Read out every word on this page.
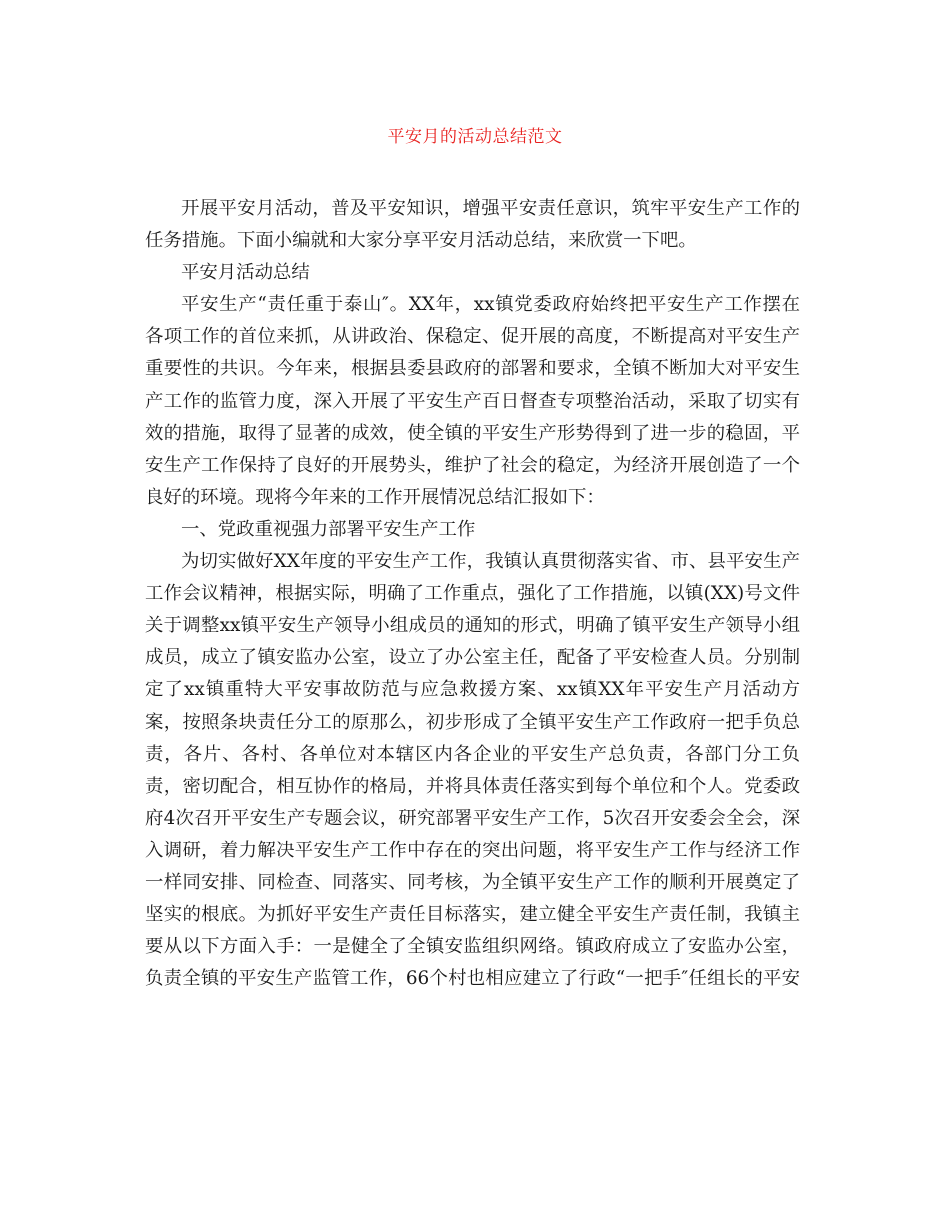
平安月的活动总结范文
开展平安月活动，普及平安知识，增强平安责任意识，筑牢平安生产工作的
任务措施。下面小编就和大家分享平安月活动总结，来欣赏一下吧。
平安月活动总结
平安生产“责任重于泰山″。XX年，xx镇党委政府始终把平安生产工作摆在
各项工作的首位来抓，从讲政治、保稳定、促开展的高度，不断提高对平安生产
重要性的共识。今年来，根据县委县政府的部署和要求，全镇不断加大对平安生
产工作的监管力度，深入开展了平安生产百日督查专项整治活动，采取了切实有
效的措施，取得了显著的成效，使全镇的平安生产形势得到了进一步的稳固，平
安生产工作保持了良好的开展势头，维护了社会的稳定，为经济开展创造了一个
良好的环境。现将今年来的工作开展情况总结汇报如下：
一、党政重视强力部署平安生产工作
为切实做好XX年度的平安生产工作，我镇认真贯彻落实省、市、县平安生产
工作会议精神，根据实际，明确了工作重点，强化了工作措施，以镇(XX)号文件
关于调整xx镇平安生产领导小组成员的通知的形式，明确了镇平安生产领导小组
成员，成立了镇安监办公室，设立了办公室主任，配备了平安检查人员。分别制
定了xx镇重特大平安事故防范与应急救援方案、xx镇XX年平安生产月活动方
案，按照条块责任分工的原那么，初步形成了全镇平安生产工作政府一把手负总
责，各片、各村、各单位对本辖区内各企业的平安生产总负责，各部门分工负
责，密切配合，相互协作的格局，并将具体责任落实到每个单位和个人。党委政
府4次召开平安生产专题会议，研究部署平安生产工作，5次召开安委会全会，深
入调研，着力解决平安生产工作中存在的突出问题，将平安生产工作与经济工作
一样同安排、同检查、同落实、同考核，为全镇平安生产工作的顺利开展奠定了
坚实的根底。为抓好平安生产责任目标落实，建立健全平安生产责任制，我镇主
要从以下方面入手：一是健全了全镇安监组织网络。镇政府成立了安监办公室，
负责全镇的平安生产监管工作，66个村也相应建立了行政“一把手″任组长的平安
